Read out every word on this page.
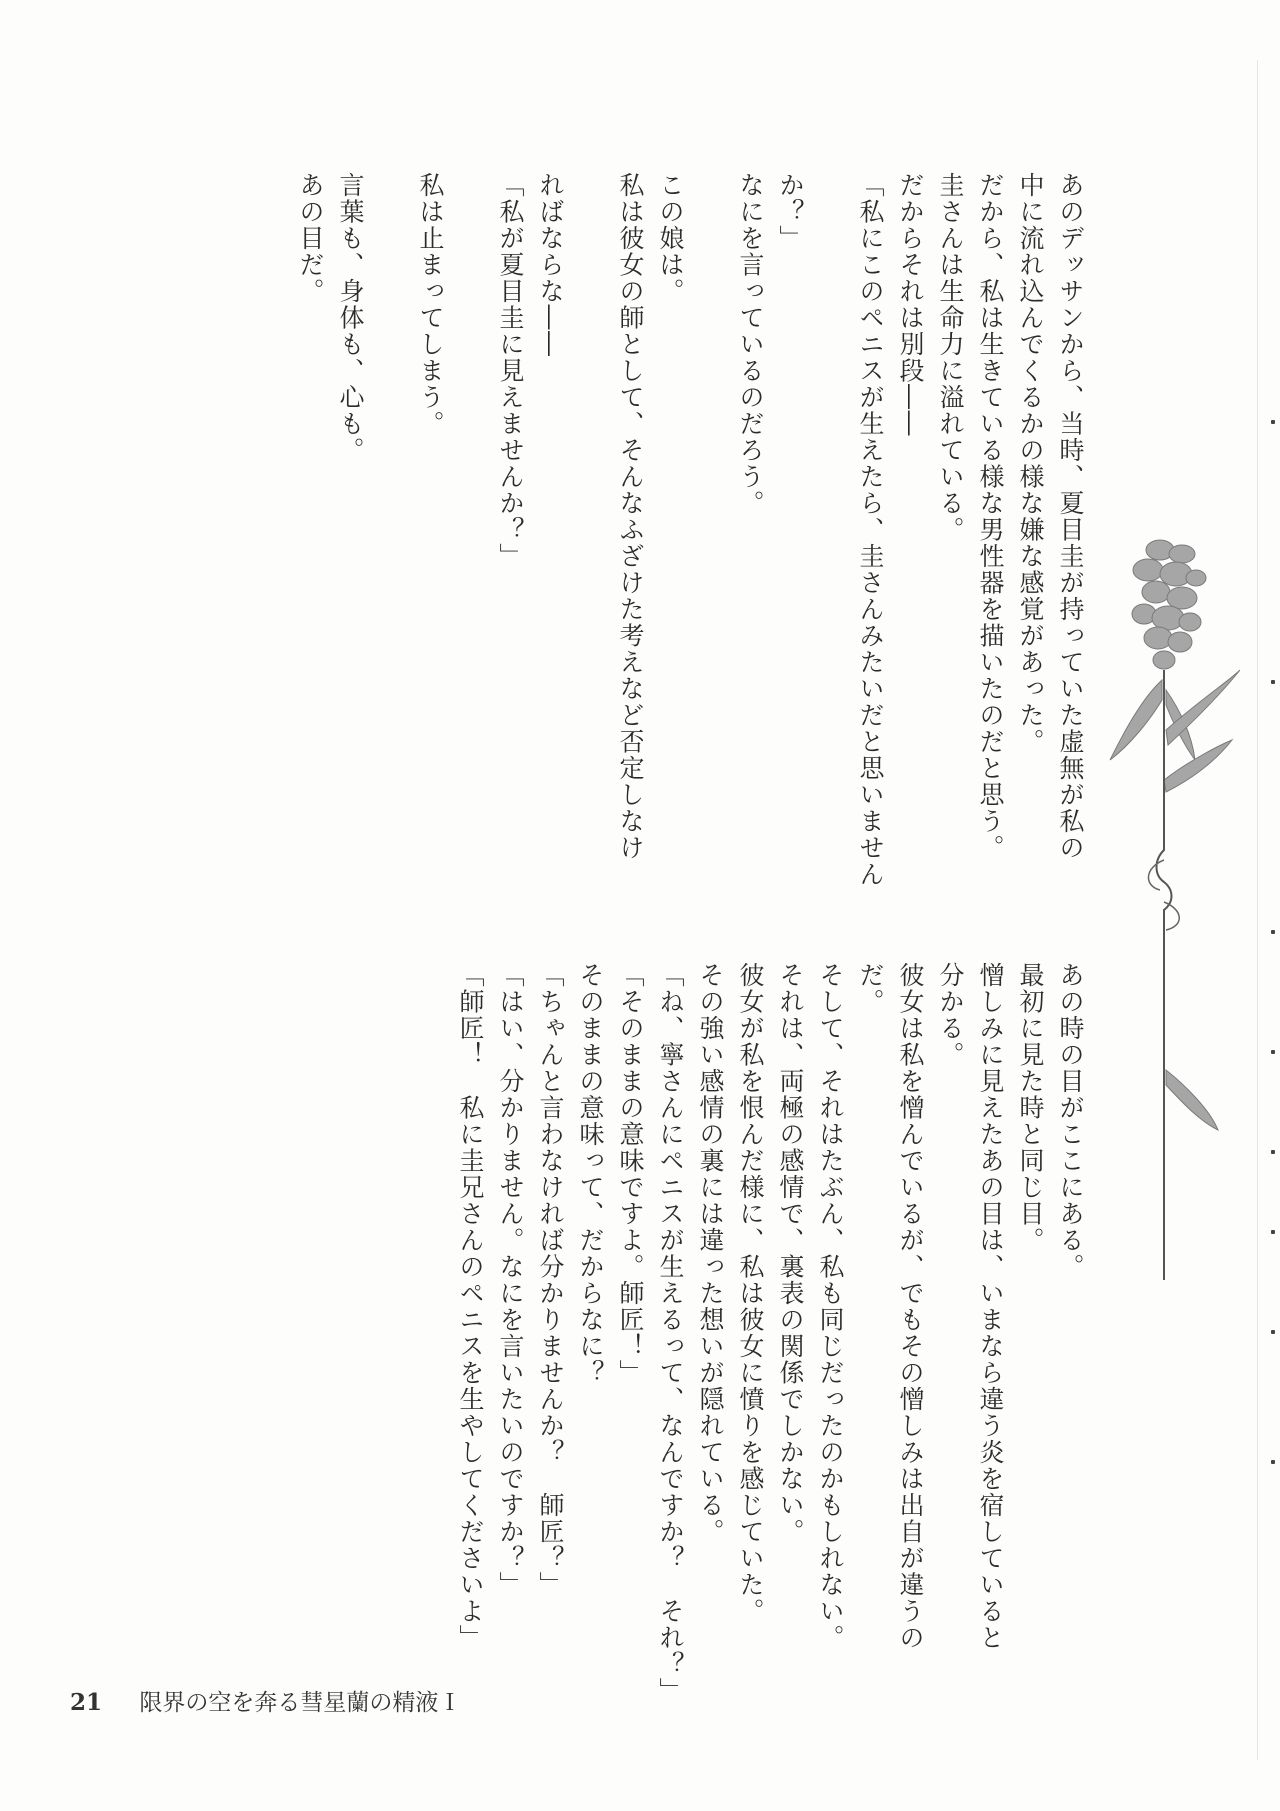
あのデッサンから、当時、夏目圭が持っていた虚無が私の
中に流れ込んでくるかの様な嫌な感覚があった。
だから、私は生きている様な男性器を描いたのだと思う。
圭さんは生命力に溢れている。
だからそれは別段――
「私にこのペニスが生えたら、圭さんみたいだと思いません
か？」
なにを言っているのだろう。
この娘は。
私は彼女の師として、そんなふざけた考えなど否定しなけ
ればならな――
「私が夏目圭に見えませんか？」
私は止まってしまう。
言葉も、身体も、心も。
あの目だ。
あの時の目がここにある。
最初に見た時と同じ目。
憎しみに見えたあの目は、いまなら違う炎を宿していると
分かる。
彼女は私を憎んでいるが、でもその憎しみは出自が違うの
だ。
そして、それはたぶん、私も同じだったのかもしれない。
それは、両極の感情で、裏表の関係でしかない。
彼女が私を恨んだ様に、私は彼女に憤りを感じていた。
その強い感情の裏には違った想いが隠れている。
「ね、寧さんにペニスが生えるって、なんですか？　それ？」
「そのままの意味ですよ。師匠！」
そのままの意味って、だからなに？
「ちゃんと言わなければ分かりませんか？　師匠？」
「はい、分かりません。なにを言いたいのですか？」
「師匠！　私に圭兄さんのペニスを生やしてくださいよ」
21 限界の空を奔る彗星蘭の精液Ｉ
